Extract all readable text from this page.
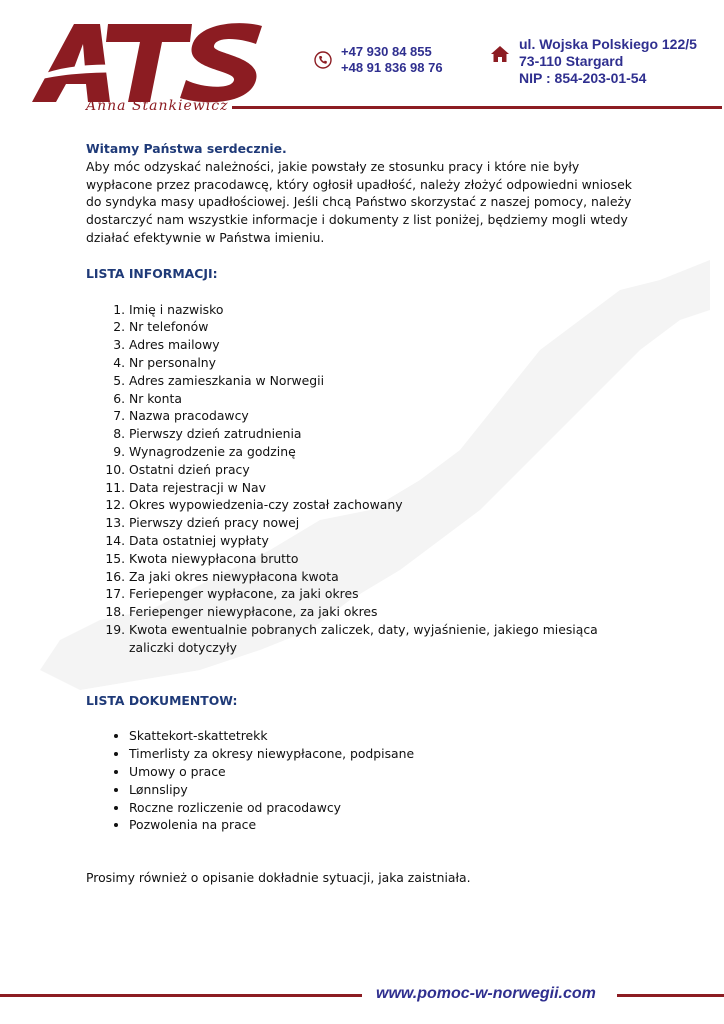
Anna Stankiewicz
+47 930 84 855
+48 91 836 98 76
ul. Wojska Polskiego 122/5
73-110 Stargard
NIP : 854-203-01-54

Witamy Państwa serdecznie.

Aby móc odzyskać należności, jakie powstały ze stosunku pracy i które nie były wypłacone przez pracodawcę, który ogłosił upadłość, należy złożyć odpowiedni wniosek do syndyka masy upadłościowej. Jeśli chcą Państwo skorzystać z naszej pomocy, należy dostarczyć nam wszystkie informacje i dokumenty z list poniżej, będziemy mogli wtedy działać efektywnie w Państwa imieniu.

LISTA INFORMACJI:

1. Imię i nazwisko
2. Nr telefonów
3. Adres mailowy
4. Nr personalny
5. Adres zamieszkania w Norwegii
6. Nr konta
7. Nazwa pracodawcy
8. Pierwszy dzień zatrudnienia
9. Wynagrodzenie za godzinę
10. Ostatni dzień pracy
11. Data rejestracji w Nav
12. Okres wypowiedzenia-czy został zachowany
13. Pierwszy dzień pracy nowej
14. Data ostatniej wypłaty
15. Kwota niewypłacona brutto
16. Za jaki okres niewypłacona kwota
17. Feriepenger wypłacone, za jaki okres
18. Feriepenger niewypłacone, za jaki okres
19. Kwota ewentualnie pobranych zaliczek, daty, wyjaśnienie, jakiego miesiąca zaliczki dotyczyły

LISTA DOKUMENTOW:

• Skattekort-skattetrekk
• Timerlisty za okresy niewypłacone, podpisane
• Umowy o prace
• Lønnslipy
• Roczne rozliczenie od pracodawcy
• Pozwolenia na prace

Prosimy również o opisanie dokładnie sytuacji, jaka zaistniała.

www.pomoc-w-norwegii.com
